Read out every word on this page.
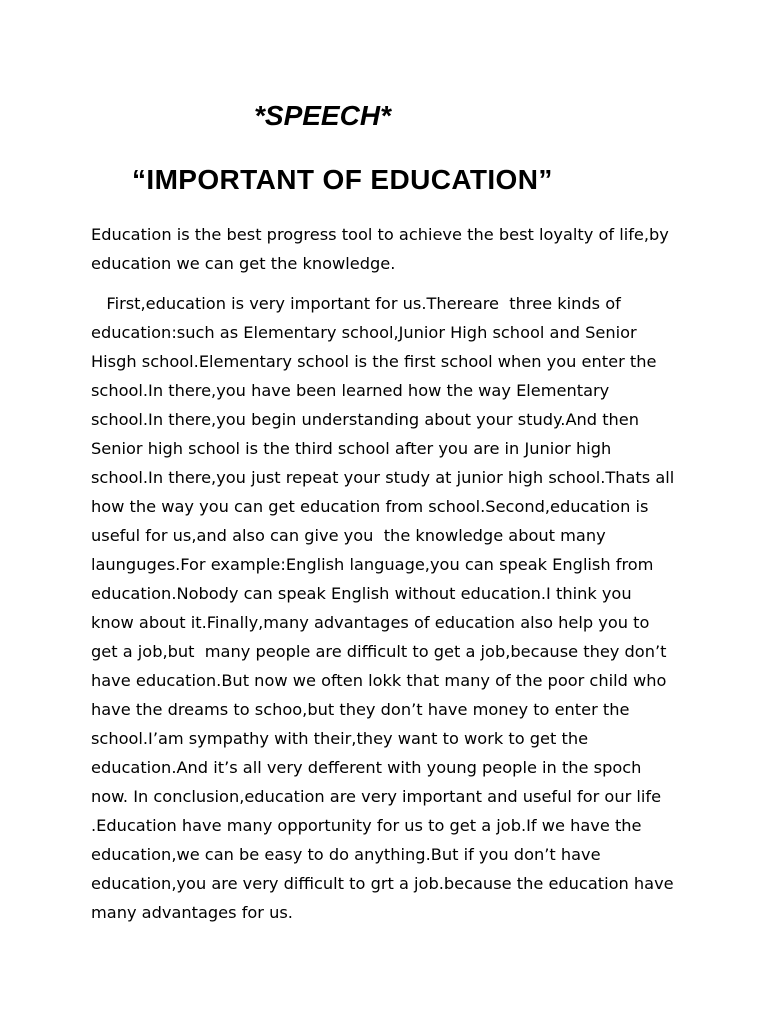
*SPEECH*
“IMPORTANT OF EDUCATION”
Education is the best progress tool to achieve the best loyalty of life,by
education we can get the knowledge.
First,education is very important for us.Thereare  three kinds of
education:such as Elementary school,Junior High school and Senior
Hisgh school.Elementary school is the first school when you enter the
school.In there,you have been learned how the way Elementary
school.In there,you begin understanding about your study.And then
Senior high school is the third school after you are in Junior high
school.In there,you just repeat your study at junior high school.Thats all
how the way you can get education from school.Second,education is
useful for us,and also can give you  the knowledge about many
launguges.For example:English language,you can speak English from
education.Nobody can speak English without education.I think you
know about it.Finally,many advantages of education also help you to
get a job,but  many people are difficult to get a job,because they don’t
have education.But now we often lokk that many of the poor child who
have the dreams to schoo,but they don’t have money to enter the
school.I’am sympathy with their,they want to work to get the
education.And it’s all very defferent with young people in the spoch
now. In conclusion,education are very important and useful for our life
.Education have many opportunity for us to get a job.If we have the
education,we can be easy to do anything.But if you don’t have
education,you are very difficult to grt a job.because the education have
many advantages for us.
